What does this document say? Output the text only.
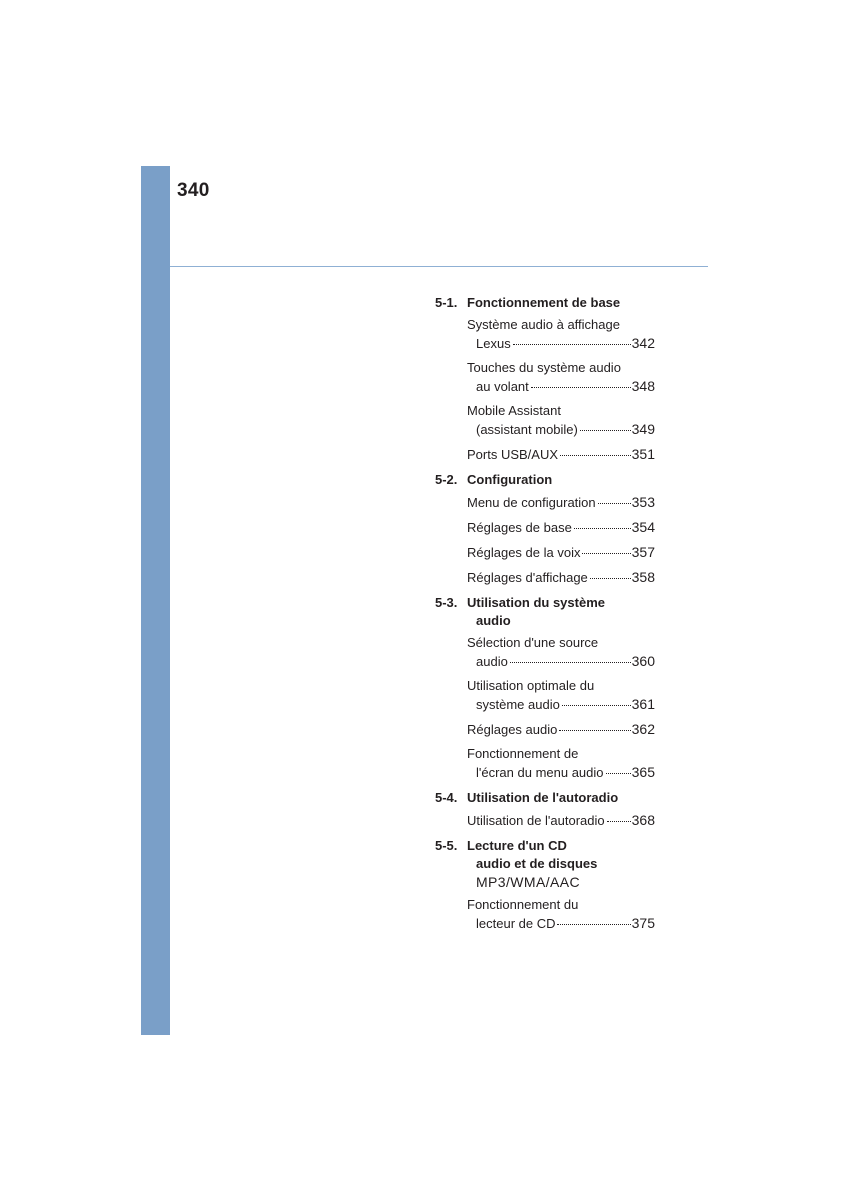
340
5-1. Fonctionnement de base
Système audio à affichage
Lexus	342
Touches du système audio
au volant	348
Mobile Assistant
(assistant mobile)	349
Ports USB/AUX	351
5-2. Configuration
Menu de configuration	353
Réglages de base	354
Réglages de la voix	357
Réglages d'affichage	358
5-3. Utilisation du système
audio
Sélection d'une source
audio	360
Utilisation optimale du
système audio	361
Réglages audio	362
Fonctionnement de
l'écran du menu audio 365
5-4. Utilisation de l'autoradio
Utilisation de l'autoradio 368
5-5. Lecture d'un CD
audio et de disques
MP3/WMA/AAC
Fonctionnement du
lecteur de CD	375
